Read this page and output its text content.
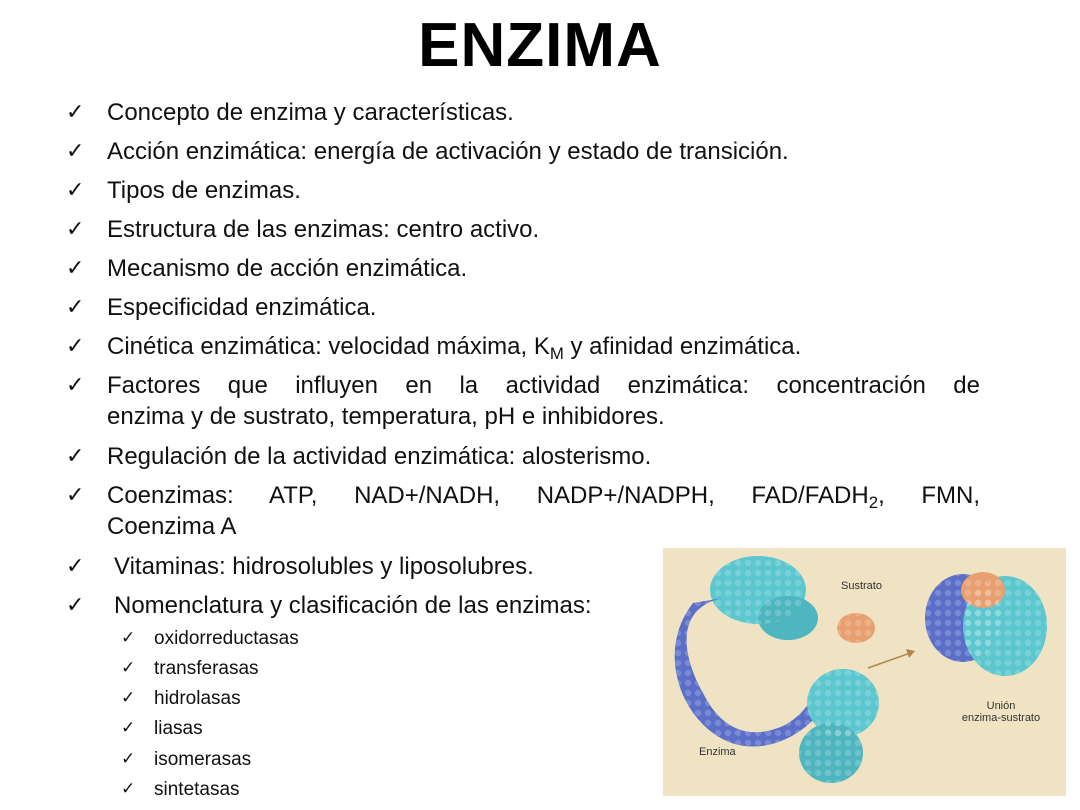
ENZIMA
✓ Concepto de enzima y características.
✓ Acción enzimática: energía de activación y estado de transición.
✓ Tipos de enzimas.
✓ Estructura de las enzimas: centro activo.
✓ Mecanismo de acción enzimática.
✓ Especificidad enzimática.
✓ Cinética enzimática: velocidad máxima, $K_M$ y afinidad enzimática.
✓ Factores que influyen en la actividad enzimática: concentración de
enzima y de sustrato, temperatura, pH e inhibidores.
✓ Regulación de la actividad enzimática: alosterismo.
✓ Coenzimas: ATP, NAD+/NADH, NADP+/NADPH, FAD/$FADH_2$, FMN,
Coenzima A
✓ Vitaminas: hidrosolubles y liposolubres.
✓ Nomenclatura y clasificación de las enzimas:
✓ oxidorreductasas
✓ transferasas
✓ hidrolasas
✓ liasas
✓ isomerasas
✓ sintetasas
Sustrato
Enzima
Unión
enzima-sustrato
